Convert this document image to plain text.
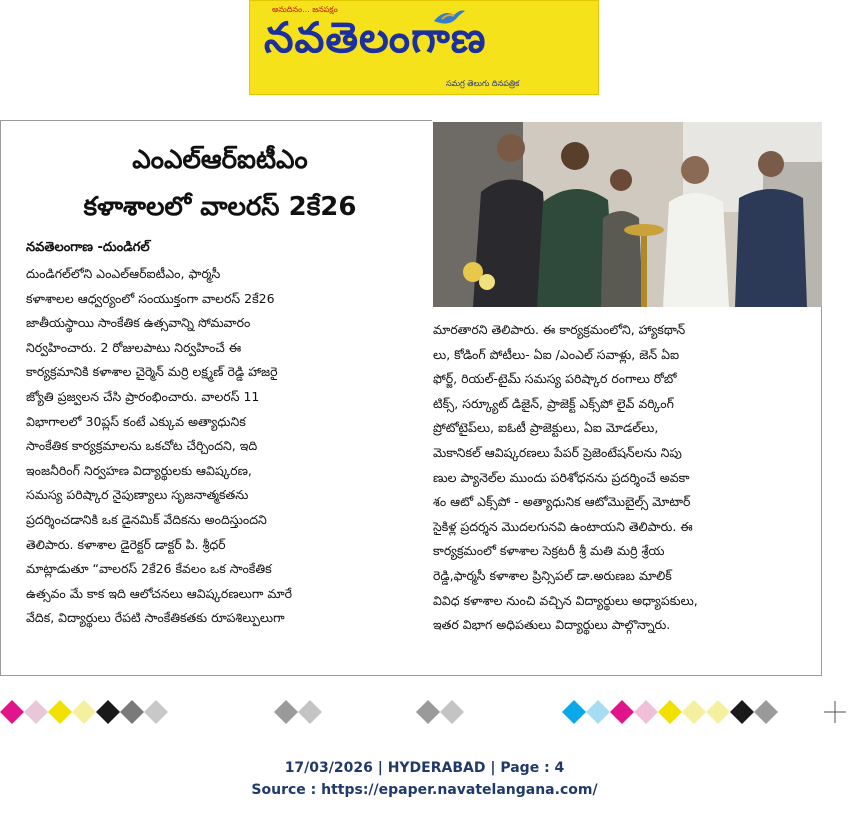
అనుదినం... జనపక్షం
నవతెలంగాణ
సమగ్ర తెలుగు దినపత్రిక
ఎంఎల్ఆర్ఐటీఎం
కళాశాలలో వాలరస్ 2కే26
నవతెలంగాణ -దుండిగల్
దుండిగల్‌లోని ఎంఎల్ఆర్ఐటీఎం, ఫార్మసీ
కళాశాలల ఆధ్వర్యంలో సంయుక్తంగా వాలరస్ 2కే26
జాతీయస్థాయి సాంకేతిక ఉత్సవాన్ని సోమవారం
నిర్వహించారు. 2 రోజులపాటు నిర్వహించే ఈ
కార్యక్రమానికి కళాశాల చైర్మెన్ మర్రి లక్ష్మణ్ రెడ్డి హాజరై
జ్యోతి ప్రజ్వలన చేసి ప్రారంభించారు. వాలరస్ 11
విభాగాలలో 30ప్లస్ కంటే ఎక్కువ అత్యాధునిక
సాంకేతిక కార్యక్రమాలను ఒకచోట చేర్చిందని, ఇది
ఇంజనీరింగ్ నిర్వహణ విద్యార్థులకు ఆవిష్కరణ,
సమస్య పరిష్కార నైపుణ్యాలు సృజనాత్మకతను
ప్రదర్శించడానికి ఒక డైనమిక్ వేదికను అందిస్తుందని
తెలిపారు. కళాశాల డైరెక్టర్ డాక్టర్ పి. శ్రీధర్
మాట్లాడుతూ “వాలరస్ 2కే26 కేవలం ఒక సాంకేతిక
ఉత్సవం మే కాక ఇది ఆలోచనలు ఆవిష్కరణలుగా మారే
వేదిక, విద్యార్థులు రేపటి సాంకేతికతకు రూపశిల్పులుగా
మారతారని తెలిపారు. ఈ కార్యక్రమంలోని, హ్యాకథాన్
లు, కోడింగ్ పోటీలు- ఏఐ /ఎంఎల్ సవాళ్లు, జెన్ ఏఐ
ఫోర్జ్, రియల్-టైమ్ సమస్య పరిష్కార రంగాలు రోబో
టిక్స్, సర్క్యూట్ డిజైన్, ప్రాజెక్ట్ ఎక్స్‌పో లైవ్ వర్కింగ్
ప్రోటోటైప్‌లు, ఐఓటీ ప్రాజెక్టులు, ఏఐ మోడల్‌లు,
మెకానికల్ ఆవిష్కరణలు పేపర్ ప్రెజెంటేషన్‌లను నిపు
ణుల ప్యానెల్‌ల ముందు పరిశోధనను ప్రదర్శించే అవకా
శం ఆటో ఎక్స్‌పో - అత్యాధునిక ఆటోమొబైల్స్ మోటార్
సైకిళ్ల ప్రదర్శన మొదలగునవి ఉంటాయని తెలిపారు. ఈ
కార్యక్రమంలో కళాశాల సెక్రటరీ శ్రీ మతి మర్రి శ్రేయ
రెడ్డి,ఫార్మసీ కళాశాల ప్రిన్సిపల్ డా.అరుణబ మాలిక్
వివిధ కళాశాల నుంచి వచ్చిన విద్యార్థులు అధ్యాపకులు,
ఇతర విభాగ అధిపతులు విద్యార్థులు పాల్గొన్నారు.
17/03/2026 | HYDERABAD | Page : 4
Source : https://epaper.navatelangana.com/
